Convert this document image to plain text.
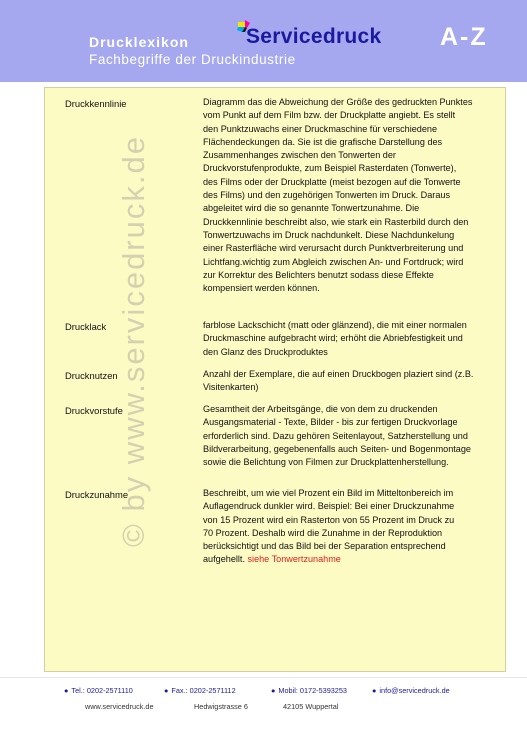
Drucklexikon
Fachbegriffe der Druckindustrie
Servicedruck A-Z
© by www.servicedruck.de
Druckkennlinie	Diagramm das die Abweichung der Größe des gedruckten Punktes
vom Punkt auf dem Film bzw. der Druckplatte angiebt. Es stellt
den Punktzuwachs einer Druckmaschine für verschiedene
Flächendeckungen da. Sie ist die grafische Darstellung des
Zusammenhanges zwischen den Tonwerten der
Druckvorstufenprodukte, zum Beispiel Rasterdaten (Tonwerte),
des Films oder der Druckplatte (meist bezogen auf die Tonwerte
des Films) und den zugehörigen Tonwerten im Druck. Daraus
abgeleitet wird die so genannte Tonwertzunahme. Die
Druckkennlinie beschreibt also, wie stark ein Rasterbild durch den
Tonwertzuwachs im Druck nachdunkelt. Diese Nachdunkelung
einer Rasterfläche wird verursacht durch Punktverbreiterung und
Lichtfang.wichtig zum Abgleich zwischen An- und Fortdruck; wird
zur Korrektur des Belichters benutzt sodass diese Effekte
kompensiert werden können.
Drucklack	farblose Lackschicht (matt oder glänzend), die mit einer normalen
Druckmaschine aufgebracht wird; erhöht die Abriebfestigkeit und
den Glanz des Druckproduktes
Drucknutzen	Anzahl der Exemplare, die auf einen Druckbogen plaziert sind (z.B.
Visitenkarten)
Druckvorstufe	Gesamtheit der Arbeitsgänge, die von dem zu druckenden
Ausgangsmaterial - Texte, Bilder - bis zur fertigen Druckvorlage
erforderlich sind. Dazu gehören Seitenlayout, Satzherstellung und
Bildverarbeitung, gegebenenfalls auch Seiten- und Bogenmontage
sowie die Belichtung von Filmen zur Druckplattenherstellung.
Druckzunahme	Beschreibt, um wie viel Prozent ein Bild im Mitteltonbereich im
Auflagendruck dunkler wird. Beispiel: Bei einer Druckzunahme
von 15 Prozent wird ein Rasterton von 55 Prozent im Druck zu
70 Prozent. Deshalb wird die Zunahme in der Reproduktion
berücksichtigt und das Bild bei der Separation entsprechend
aufgehellt. siehe Tonwertzunahme
● Tel.: 0202-2571110	● Fax.: 0202-2571112	● Mobil: 0172-5393253	● info@servicedruck.de
www.servicedruck.de	Hedwigstrasse 6	42105 Wuppertal
